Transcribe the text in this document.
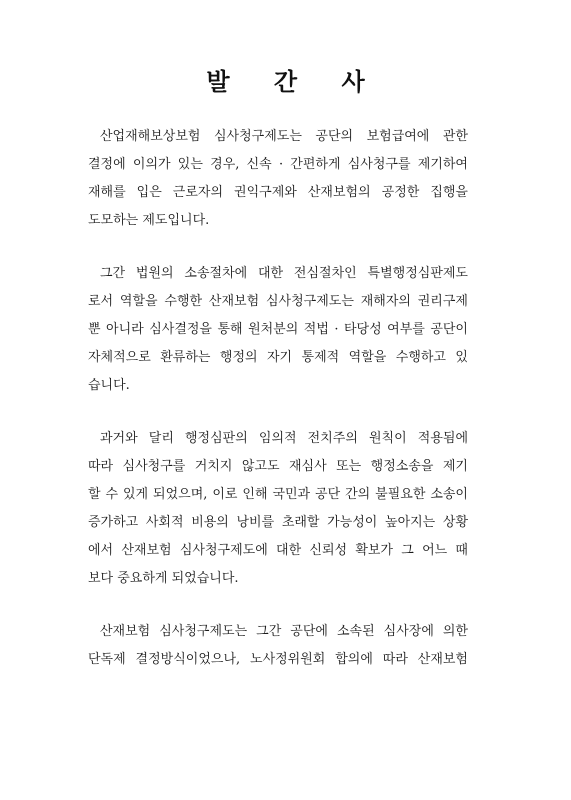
발 간 사
산업재해보상보험 심사청구제도는 공단의 보험급여에 관한
결정에 이의가 있는 경우, 신속 · 간편하게 심사청구를 제기하여
재해를 입은 근로자의 권익구제와 산재보험의 공정한 집행을
도모하는 제도입니다.
그간 법원의 소송절차에 대한 전심절차인 특별행정심판제도
로서 역할을 수행한 산재보험 심사청구제도는 재해자의 권리구제
뿐 아니라 심사결정을 통해 원처분의 적법 · 타당성 여부를 공단이
자체적으로 환류하는 행정의 자기 통제적 역할을 수행하고 있
습니다.
과거와 달리 행정심판의 임의적 전치주의 원칙이 적용됨에
따라 심사청구를 거치지 않고도 재심사 또는 행정소송을 제기
할 수 있게 되었으며, 이로 인해 국민과 공단 간의 불필요한 소송이
증가하고 사회적 비용의 낭비를 초래할 가능성이 높아지는 상황
에서 산재보험 심사청구제도에 대한 신뢰성 확보가 그 어느 때
보다 중요하게 되었습니다.
산재보험 심사청구제도는 그간 공단에 소속된 심사장에 의한
단독제 결정방식이었으나, 노사정위원회 합의에 따라 산재보험
